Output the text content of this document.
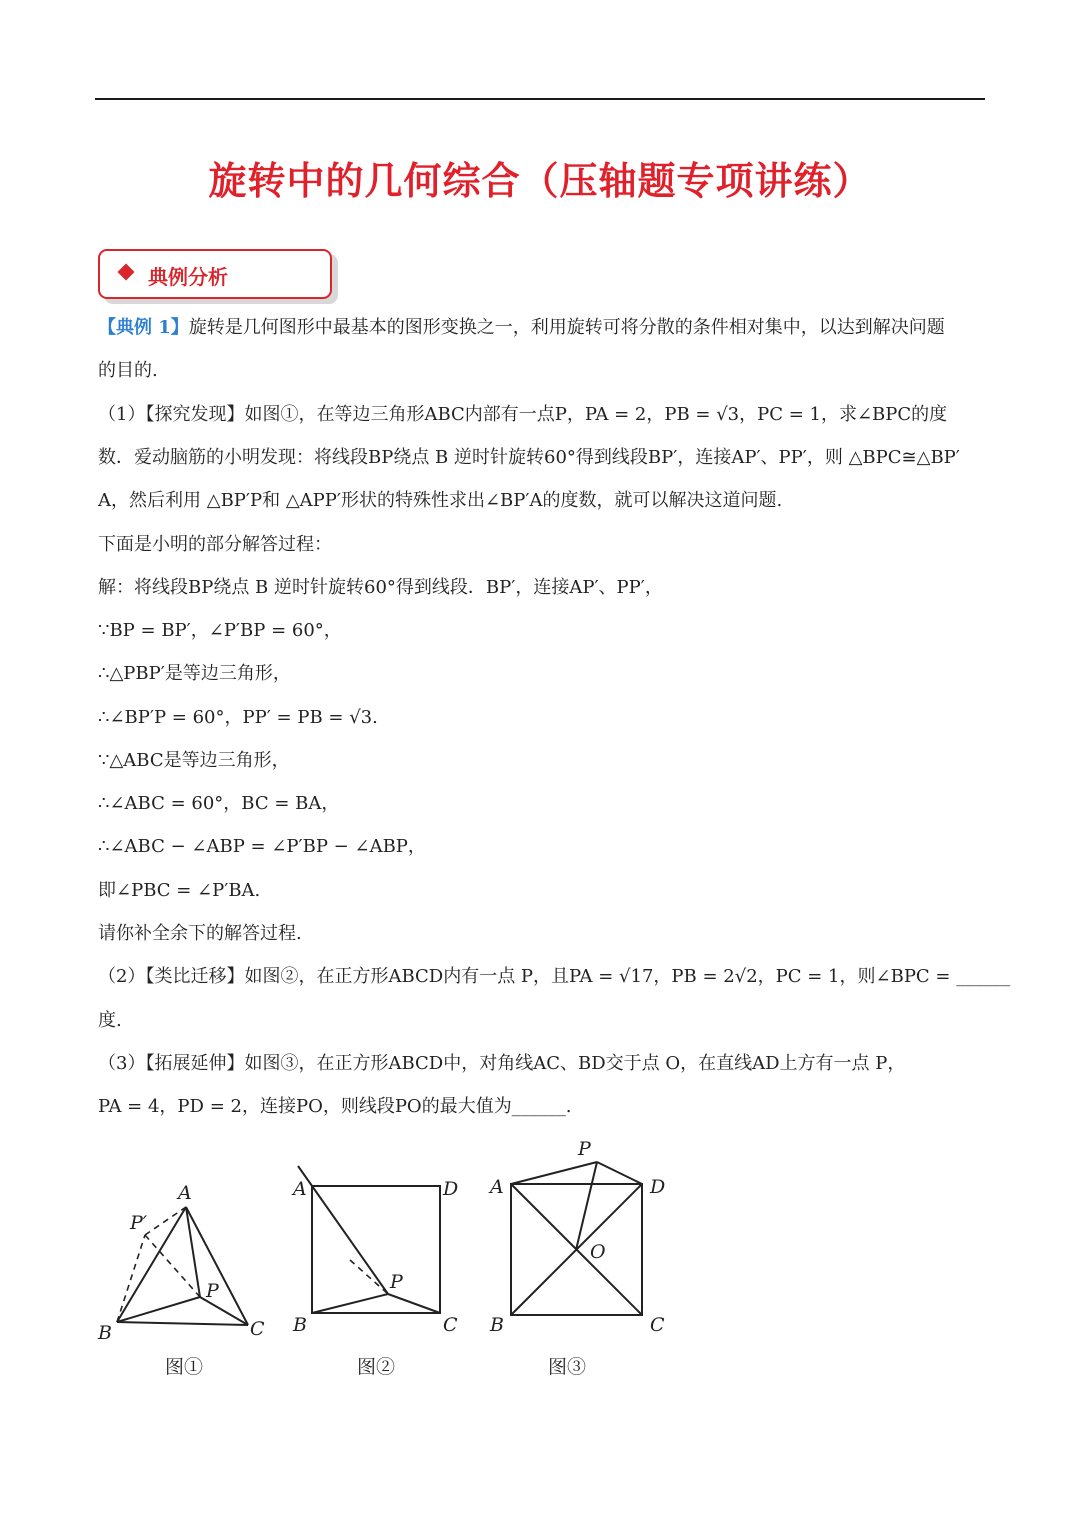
旋转中的几何综合（压轴题专项讲练）
典例分析
【典例 1】旋转是几何图形中最基本的图形变换之一，利用旋转可将分散的条件相对集中，以达到解决问题
的目的.
（1）【探究发现】如图①，在等边三角形ABC内部有一点P，PA = 2，PB = √3，PC = 1，求∠BPC的度
数．爱动脑筋的小明发现：将线段BP绕点 B 逆时针旋转60°得到线段BP′，连接AP′、PP′，则 △BPC≅△BP′
A，然后利用 △BP′P和 △APP′形状的特殊性求出∠BP′A的度数，就可以解决这道问题.
下面是小明的部分解答过程：
解：将线段BP绕点 B 逆时针旋转60°得到线段．BP′，连接AP′、PP′，
∵BP = BP′，∠P′BP = 60°，
∴△PBP′是等边三角形，
∴∠BP′P = 60°，PP′ = PB = √3.
∵△ABC是等边三角形，
∴∠ABC = 60°，BC = BA，
∴∠ABC − ∠ABP = ∠P′BP − ∠ABP，
即∠PBC = ∠P′BA.
请你补全余下的解答过程.
（2）【类比迁移】如图②，在正方形ABCD内有一点 P，且PA = √17，PB = 2√2，PC = 1，则∠BPC = ______
度.
（3）【拓展延伸】如图③，在正方形ABCD中，对角线AC、BD交于点 O，在直线AD上方有一点 P，
PA = 4，PD = 2，连接PO，则线段PO的最大值为______.
A
B	C
P
P′
A	D
B	C
P
P
A	D
B	C
O
图①	图②	图③
